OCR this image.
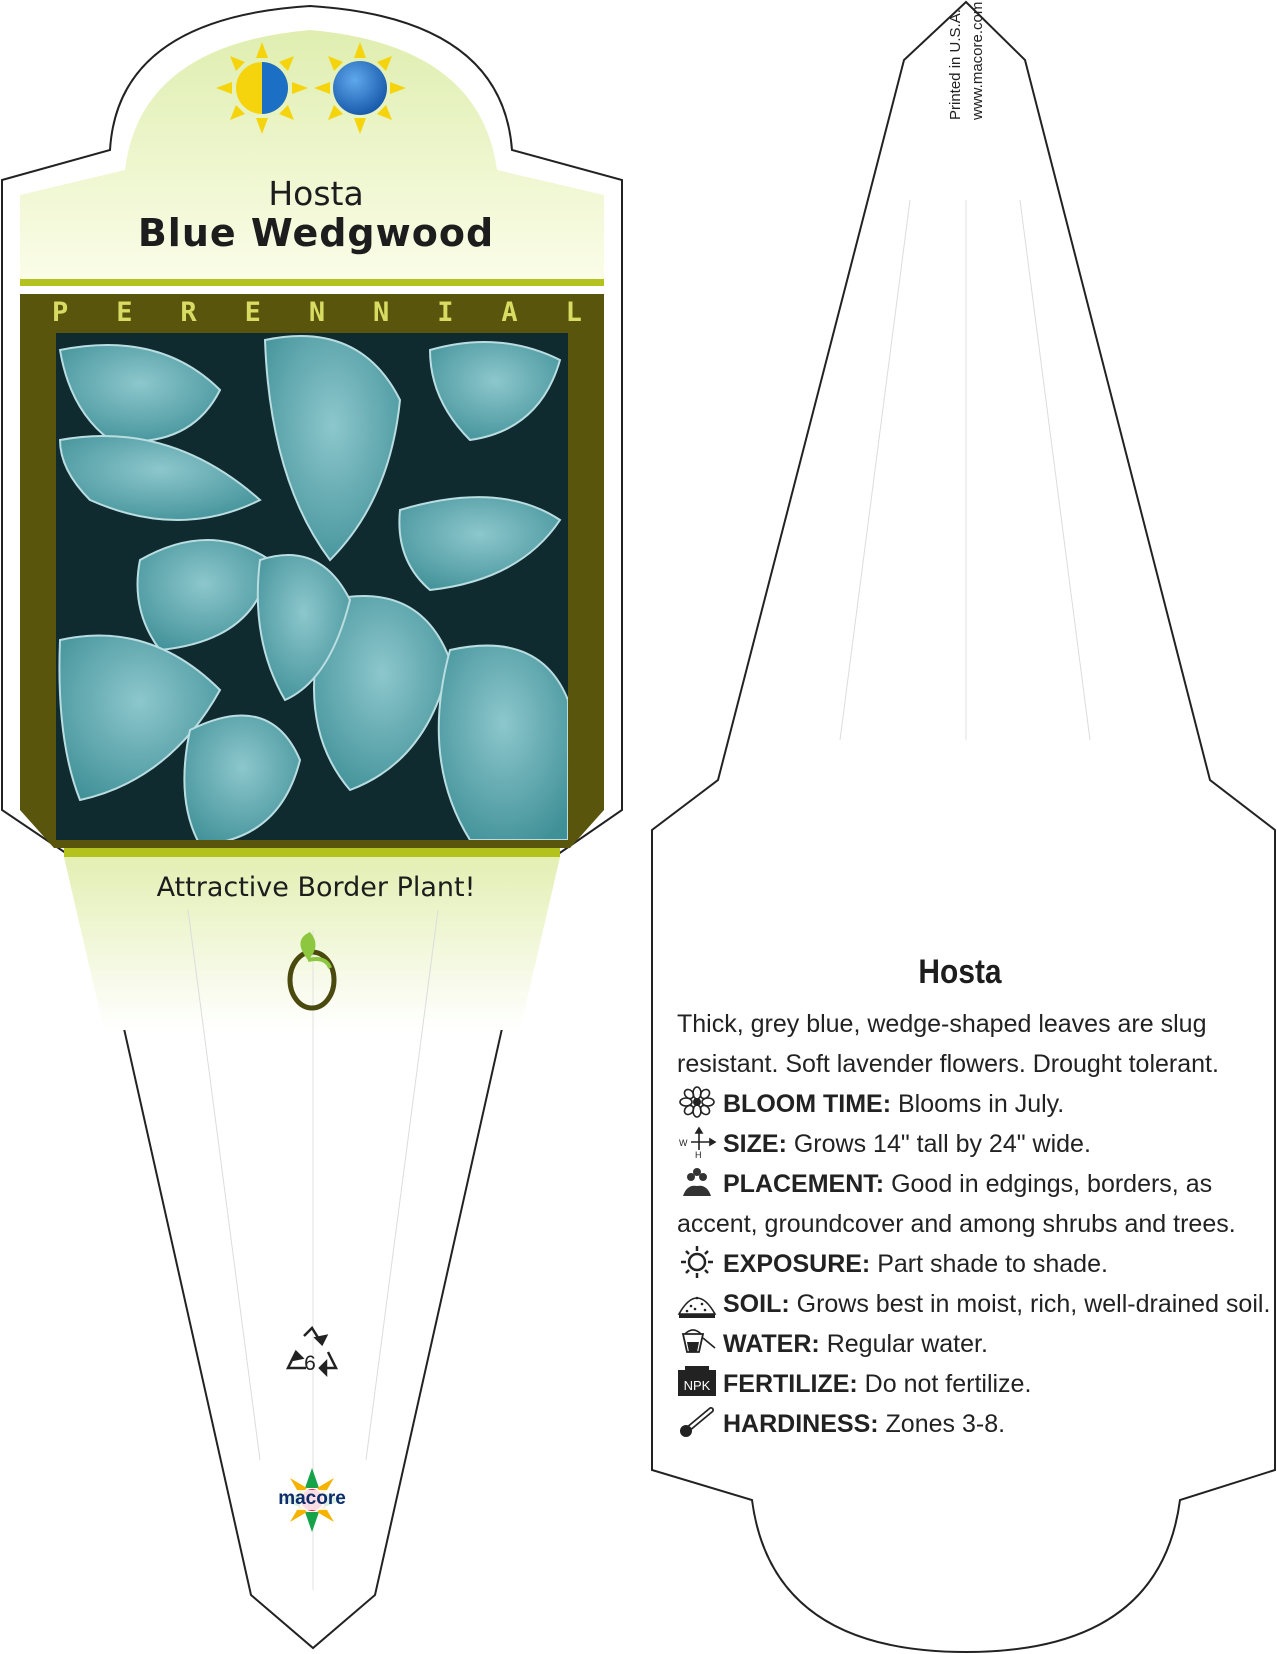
Hosta
Blue Wedgwood
P E R E N N I A L
Attractive Border Plant!
6
macore
Printed in U.S.A. www.macore.com
Hosta
Thick, grey blue, wedge-shaped leaves are slug resistant. Soft lavender flowers. Drought tolerant.
BLOOM TIME: Blooms in July.
W
H SIZE: Grows 14" tall by 24" wide.
PLACEMENT: Good in edgings, borders, as accent, groundcover and among shrubs and trees.
EXPOSURE: Part shade to shade.
SOIL: Grows best in moist, rich, well-drained soil.
WATER: Regular water.
NPK FERTILIZE: Do not fertilize.
HARDINESS: Zones 3-8.
